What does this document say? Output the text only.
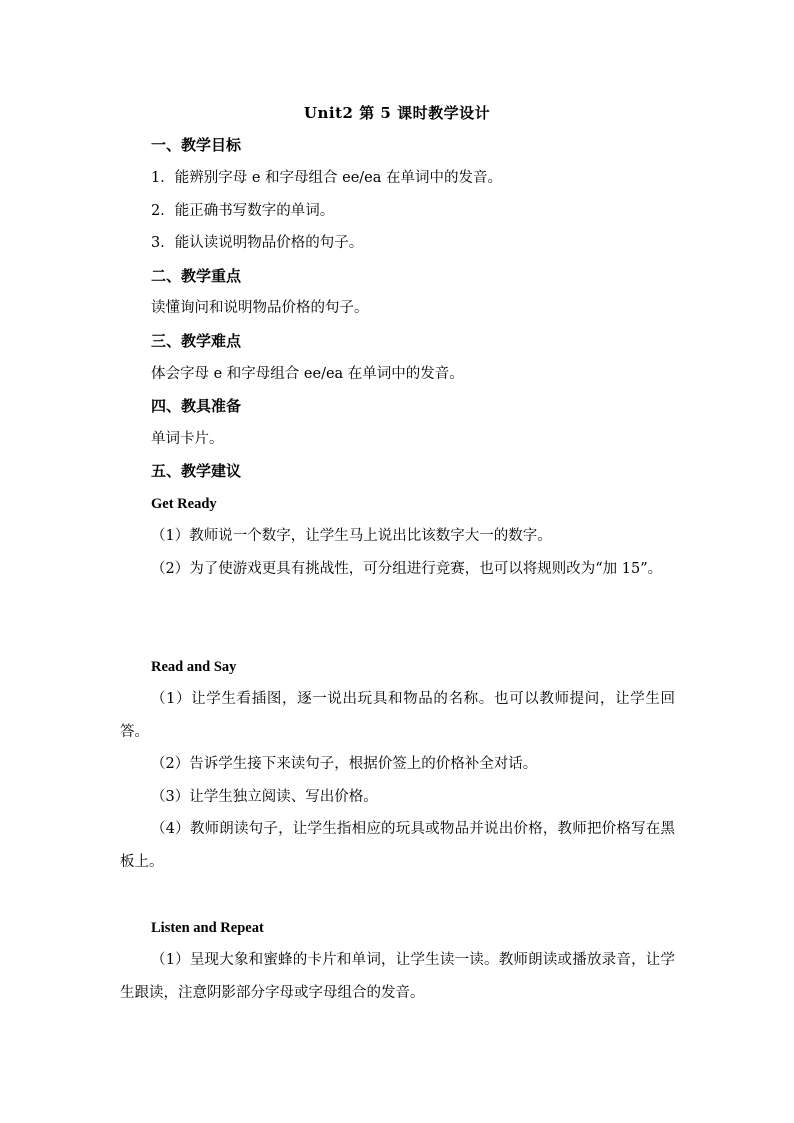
Unit2 第 5 课时教学设计
一、教学目标
1．能辨别字母 e 和字母组合 ee/ea 在单词中的发音。
2．能正确书写数字的单词。
3．能认读说明物品价格的句子。
二、教学重点
读懂询问和说明物品价格的句子。
三、教学难点
体会字母 e 和字母组合 ee/ea 在单词中的发音。
四、教具准备
单词卡片。
五、教学建议
Get Ready
（1）教师说一个数字，让学生马上说出比该数字大一的数字。
（2）为了使游戏更具有挑战性，可分组进行竞赛，也可以将规则改为“加 15”。
Read and Say
（1）让学生看插图，逐一说出玩具和物品的名称。也可以教师提问，让学生回答。
（2）告诉学生接下来读句子，根据价签上的价格补全对话。
（3）让学生独立阅读、写出价格。
（4）教师朗读句子，让学生指相应的玩具或物品并说出价格，教师把价格写在黑板上。
Listen and Repeat
（1）呈现大象和蜜蜂的卡片和单词，让学生读一读。教师朗读或播放录音，让学生跟读，注意阴影部分字母或字母组合的发音。
